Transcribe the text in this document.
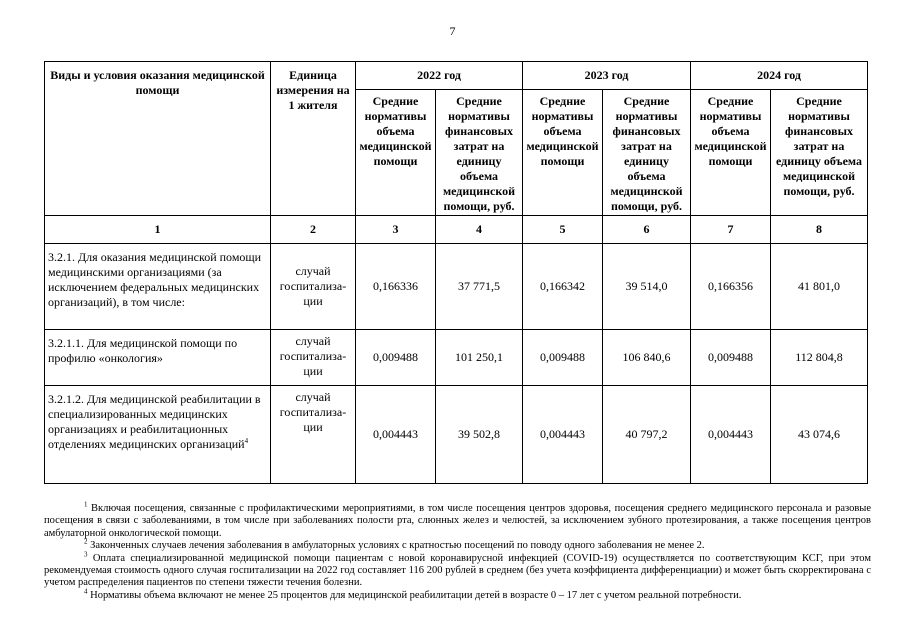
7
Виды и условия оказания медицинской помощи	Единица измерения на 1 жителя	2022 год		2023 год		2024 год	
		Средние нормативы объема медицинской помощи	Средние нормативы финансовых затрат на единицу объема медицинской помощи, руб.	Средние нормативы объема медицинской помощи	Средние нормативы финансовых затрат на единицу объема медицинской помощи, руб.	Средние нормативы объема медицинской помощи	Средние нормативы финансовых затрат на единицу объема медицинской помощи, руб.
1	2	3	4	5	6	7	8
3.2.1. Для оказания медицинской помощи медицинскими организациями (за исключением федеральных медицинских организаций), в том числе:	случай госпитализа-ции	0,166336	37 771,5	0,166342	39 514,0	0,166356	41 801,0
3.2.1.1. Для медицинской помощи по профилю «онкология»	случай госпитализа-ции	0,009488	101 250,1	0,009488	106 840,6	0,009488	112 804,8
3.2.1.2. Для медицинской реабилитации в специализированных медицинских организациях и реабилитационных отделениях медицинских организаций$^4$	случай госпитализа-ции	0,004443	39 502,8	0,004443	40 797,2	0,004443	43 074,6

$^1$ Включая посещения, связанные с профилактическими мероприятиями, в том числе посещения центров здоровья, посещения среднего медицинского персонала и разовые посещения в связи с заболеваниями, в том числе при заболеваниях полости рта, слюнных желез и челюстей, за исключением зубного протезирования, а также посещения центров амбулаторной онкологической помощи.

$^2$ Законченных случаев лечения заболевания в амбулаторных условиях с кратностью посещений по поводу одного заболевания не менее 2.

$^3$ Оплата специализированной медицинской помощи пациентам с новой коронавирусной инфекцией (COVID-19) осуществляется по соответствующим КСГ, при этом рекомендуемая стоимость одного случая госпитализации на 2022 год составляет 116 200 рублей в среднем (без учета коэффициента дифференциации) и может быть скорректирована с учетом распределения пациентов по степени тяжести течения болезни.

$^4$ Нормативы объема включают не менее 25 процентов для медицинской реабилитации детей в возрасте 0 – 17 лет с учетом реальной потребности.
